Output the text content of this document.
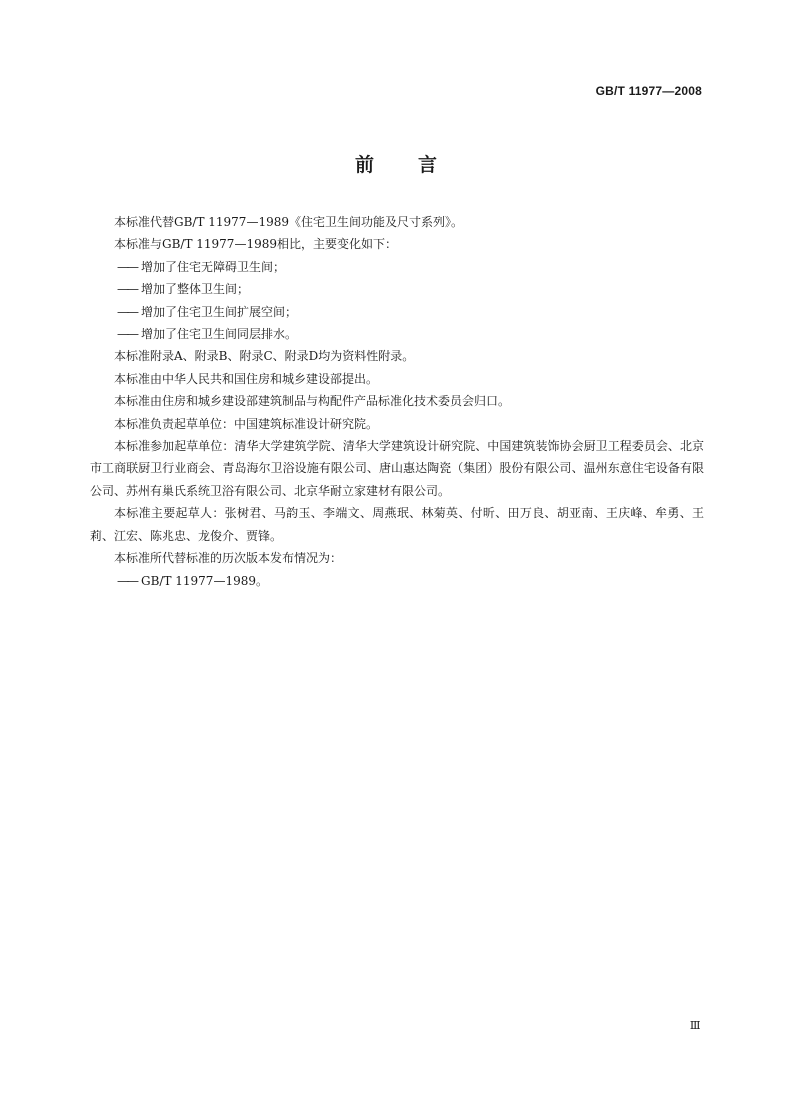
GB/T 11977—2008
前言

本标准代替GB/T 11977—1989《住宅卫生间功能及尺寸系列》。

本标准与GB/T 11977—1989相比，主要变化如下：

—— 增加了住宅无障碍卫生间；

—— 增加了整体卫生间；

—— 增加了住宅卫生间扩展空间；

—— 增加了住宅卫生间同层排水。

本标准附录A、附录B、附录C、附录D均为资料性附录。

本标准由中华人民共和国住房和城乡建设部提出。

本标准由住房和城乡建设部建筑制品与构配件产品标准化技术委员会归口。

本标准负责起草单位：中国建筑标准设计研究院。

本标准参加起草单位：清华大学建筑学院、清华大学建筑设计研究院、中国建筑装饰协会厨卫工程委员会、北京市工商联厨卫行业商会、青岛海尔卫浴设施有限公司、唐山惠达陶瓷（集团）股份有限公司、温州东意住宅设备有限公司、苏州有巢氏系统卫浴有限公司、北京华耐立家建材有限公司。

本标准主要起草人：张树君、马韵玉、李端文、周燕珉、林菊英、付昕、田万良、胡亚南、王庆峰、牟勇、王莉、江宏、陈兆忠、龙俊介、贾锋。

本标准所代替标准的历次版本发布情况为：

—— GB/T 11977—1989。

Ⅲ
